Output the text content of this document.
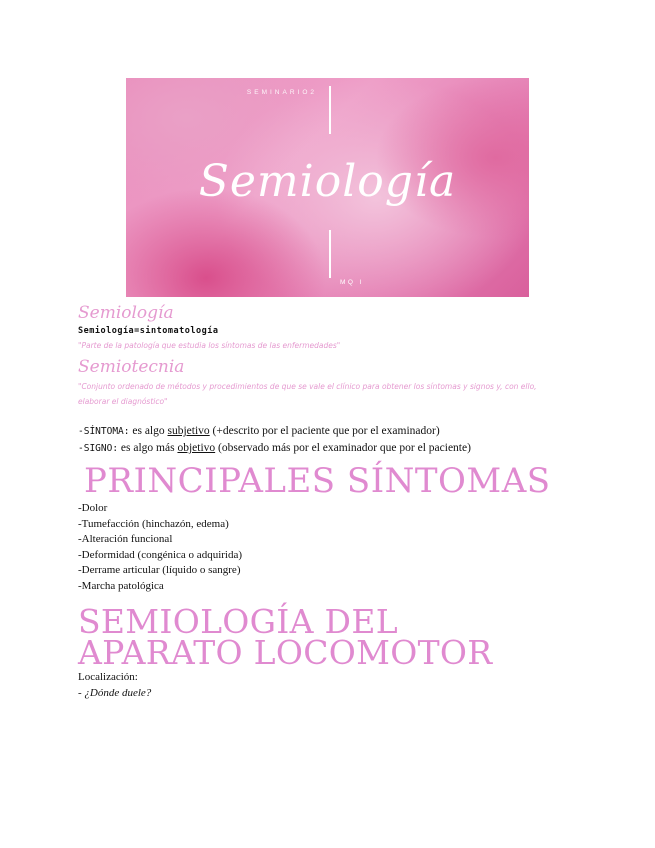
SEMINARIO2
Semiología
MQ I
Semiología
Semiología=sintomatología
"Parte de la patología que estudia los síntomas de las enfermedades"
Semiotecnia
"Conjunto ordenado de métodos y procedimientos de que se vale el clínico para obtener los síntomas y signos y, con ello,
elaborar el diagnóstico"
-SÍNTOMA: es algo subjetivo (+descrito por el paciente que por el examinador)
-SIGNO: es algo más objetivo (observado más por el examinador que por el paciente)
PRINCIPALES SÍNTOMAS
-Dolor
-Tumefacción (hinchazón, edema)
-Alteración funcional
-Deformidad (congénica o adquirida)
-Derrame articular (líquido o sangre)
-Marcha patológica
SEMIOLOGÍA DEL
APARATO LOCOMOTOR
Localización:
- ¿Dónde duele?
